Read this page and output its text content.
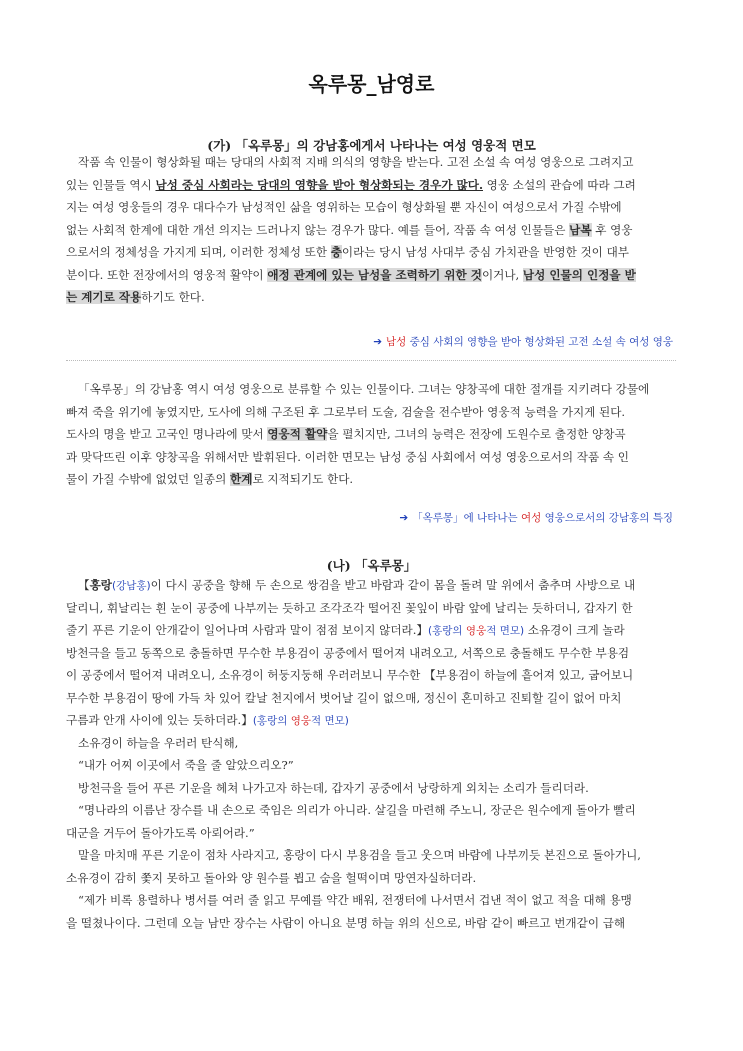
옥루몽_남영로
(가) 「옥루몽」의 강남홍에게서 나타나는 여성 영웅적 면모
작품 속 인물이 형상화될 때는 당대의 사회적 지배 의식의 영향을 받는다. 고전 소설 속 여성 영웅으로 그려지고
있는 인물들 역시 남성 중심 사회라는 당대의 영향을 받아 형상화되는 경우가 많다. 영웅 소설의 관습에 따라 그려
지는 여성 영웅들의 경우 대다수가 남성적인 삶을 영위하는 모습이 형상화될 뿐 자신이 여성으로서 가질 수밖에
없는 사회적 한계에 대한 개선 의지는 드러나지 않는 경우가 많다. 예를 들어, 작품 속 여성 인물들은 남복 후 영웅
으로서의 정체성을 가지게 되며, 이러한 정체성 또한 충이라는 당시 남성 사대부 중심 가치관을 반영한 것이 대부
분이다. 또한 전장에서의 영웅적 활약이 애정 관계에 있는 남성을 조력하기 위한 것이거나, 남성 인물의 인정을 받
는 계기로 작용하기도 한다.
➔ 남성 중심 사회의 영향을 받아 형상화된 고전 소설 속 여성 영웅
「옥루몽」의 강남홍 역시 여성 영웅으로 분류할 수 있는 인물이다. 그녀는 양창곡에 대한 절개를 지키려다 강물에
빠져 죽을 위기에 놓였지만, 도사에 의해 구조된 후 그로부터 도술, 검술을 전수받아 영웅적 능력을 가지게 된다.
도사의 명을 받고 고국인 명나라에 맞서 영웅적 활약을 펼치지만, 그녀의 능력은 전장에 도원수로 출정한 양창곡
과 맞닥뜨린 이후 양창곡을 위해서만 발휘된다. 이러한 면모는 남성 중심 사회에서 여성 영웅으로서의 작품 속 인
물이 가질 수밖에 없었던 일종의 한계로 지적되기도 한다.
➔ 「옥루몽」에 나타나는 여성 영웅으로서의 강남홍의 특징
(나) 「옥루몽」
【홍랑(강남홍)이 다시 공중을 향해 두 손으로 쌍검을 받고 바람과 같이 몸을 돌려 말 위에서 춤추며 사방으로 내
달리니, 휘날리는 흰 눈이 공중에 나부끼는 듯하고 조각조각 떨어진 꽃잎이 바람 앞에 날리는 듯하더니, 갑자기 한
줄기 푸른 기운이 안개같이 일어나며 사람과 말이 점점 보이지 않더라.】(홍랑의 영웅적 면모) 소유경이 크게 놀라
방천극을 들고 동쪽으로 충돌하면 무수한 부용검이 공중에서 떨어져 내려오고, 서쪽으로 충돌해도 무수한 부용검
이 공중에서 떨어져 내려오니, 소유경이 허둥지둥해 우러러보니 무수한 【부용검이 하늘에 흩어져 있고, 굽어보니
무수한 부용검이 땅에 가득 차 있어 칼날 천지에서 벗어날 길이 없으매, 정신이 혼미하고 진퇴할 길이 없어 마치
구름과 안개 사이에 있는 듯하더라.】(홍랑의 영웅적 면모)
소유경이 하늘을 우러러 탄식해,
“내가 어찌 이곳에서 죽을 줄 알았으리오?”
방천극을 들어 푸른 기운을 헤쳐 나가고자 하는데, 갑자기 공중에서 낭랑하게 외치는 소리가 들리더라.
“명나라의 이름난 장수를 내 손으로 죽임은 의리가 아니라. 살길을 마련해 주노니, 장군은 원수에게 돌아가 빨리
대군을 거두어 돌아가도록 아뢰어라.”
말을 마치매 푸른 기운이 점차 사라지고, 홍랑이 다시 부용검을 들고 웃으며 바람에 나부끼듯 본진으로 돌아가니,
소유경이 감히 쫓지 못하고 돌아와 양 원수를 뵙고 숨을 헐떡이며 망연자실하더라.
“제가 비록 용렬하나 병서를 여러 줄 읽고 무예를 약간 배워, 전쟁터에 나서면서 겁낸 적이 없고 적을 대해 용맹
을 떨쳤나이다. 그런데 오늘 남만 장수는 사람이 아니요 분명 하늘 위의 신으로, 바람 같이 빠르고 번개같이 급해
